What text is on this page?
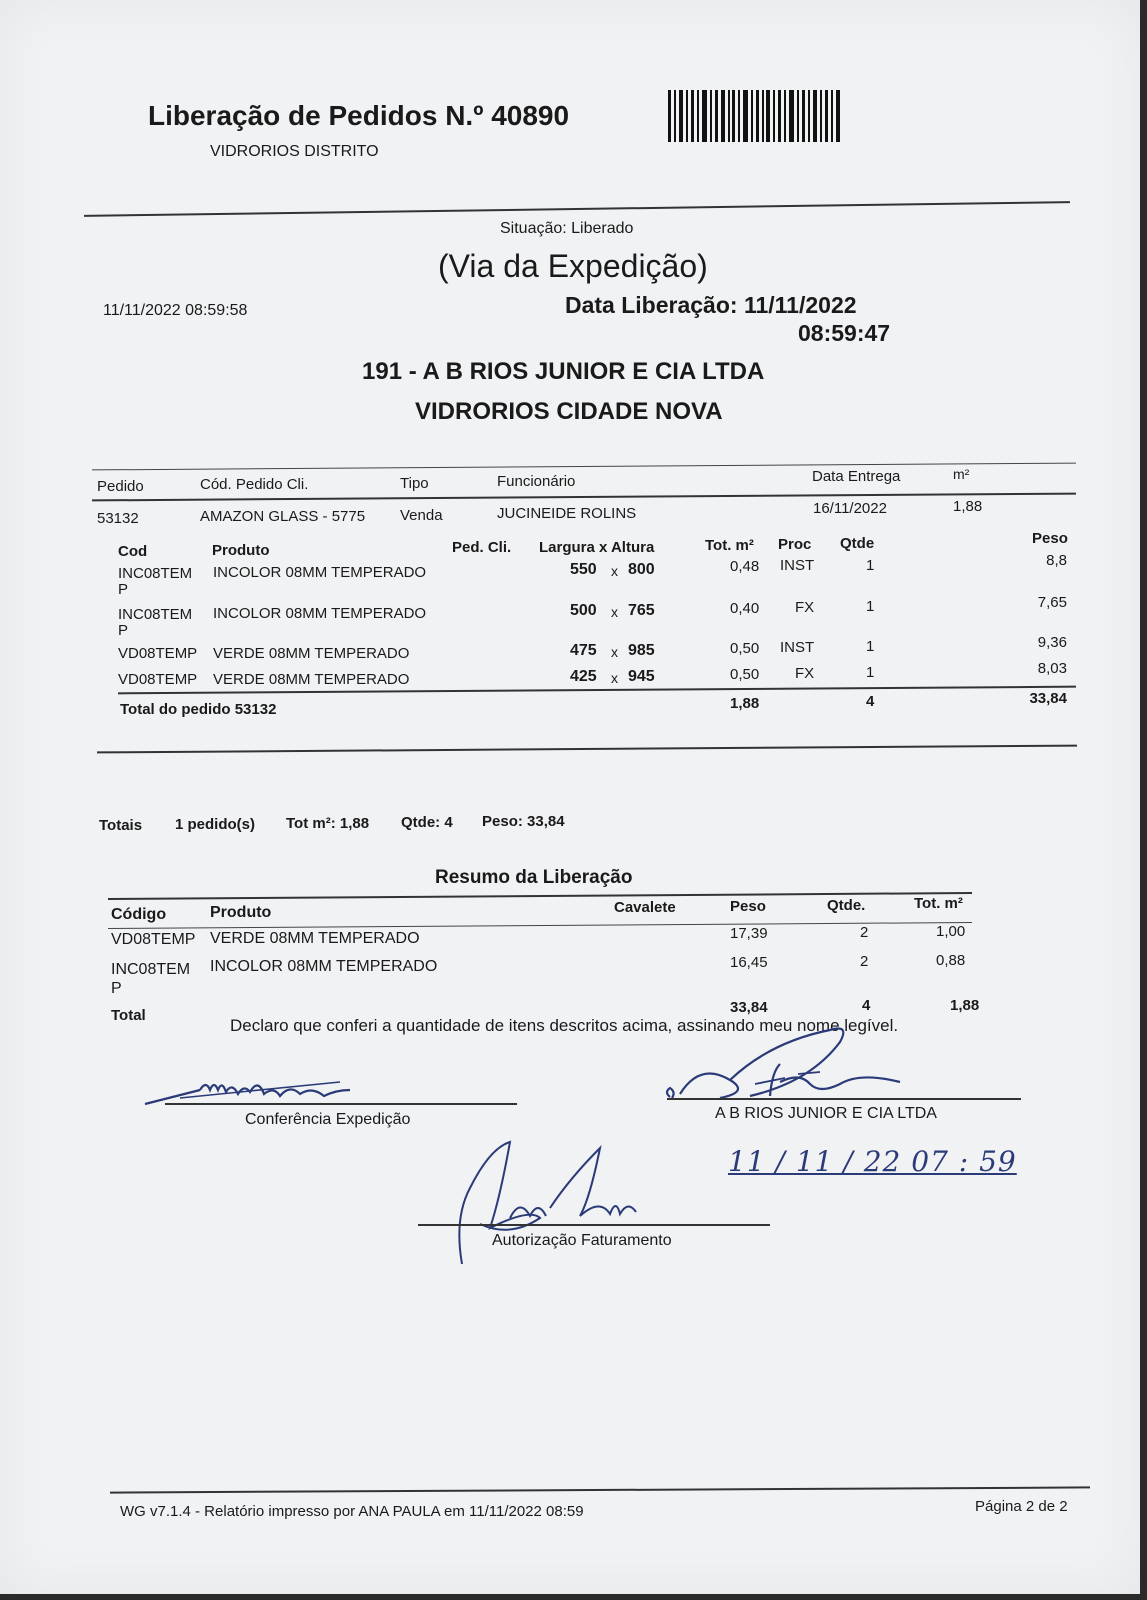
Liberação de Pedidos N.º 40890
VIDRORIOS DISTRITO
Situação: Liberado
(Via da Expedição)
11/11/2022 08:59:58	Data Liberação: 11/11/2022
08:59:47
191 - A B RIOS JUNIOR E CIA LTDA
VIDRORIOS CIDADE NOVA
Pedido	Cód. Pedido Cli.	Tipo	Funcionário	Data Entrega	m²
53132	AMAZON GLASS - 5775 Venda	JUCINEIDE ROLINS	16/11/2022	1,88
Cod	Produto	Ped. Cli. Largura x Altura	Tot. m² Proc Qtde	Peso
INC08TEM
P
INCOLOR 08MM TEMPERADO	550 x 800	0,48 INST	1	8,8
INC08TEM
P
INCOLOR 08MM TEMPERADO	500 x 765	0,40 FX	1	7,65
VD08TEMP VERDE 08MM TEMPERADO	475 x 985	0,50 INST	1	9,36
VD08TEMP VERDE 08MM TEMPERADO	425 x 945	0,50 FX	1	8,03
Total do pedido 53132	1,88	4	33,84
Totais 1 pedido(s) Tot m²: 1,88 Qtde: 4 Peso: 33,84
Resumo da Liberação
Código	Produto	Cavalete	Peso	Qtde.	Tot. m²
VD08TEMP VERDE 08MM TEMPERADO	17,39	2	1,00
INC08TEM
P
INCOLOR 08MM TEMPERADO	16,45	2	0,88
Total	33,84	4	1,88
Declaro que conferi a quantidade de itens descritos acima, assinando meu nome legível.
Conferência Expedição	A B RIOS JUNIOR E CIA LTDA
11 / 11 / 22 07 : 59
Autorização Faturamento
WG v7.1.4 - Relatório impresso por ANA PAULA em 11/11/2022 08:59	Página 2 de 2
